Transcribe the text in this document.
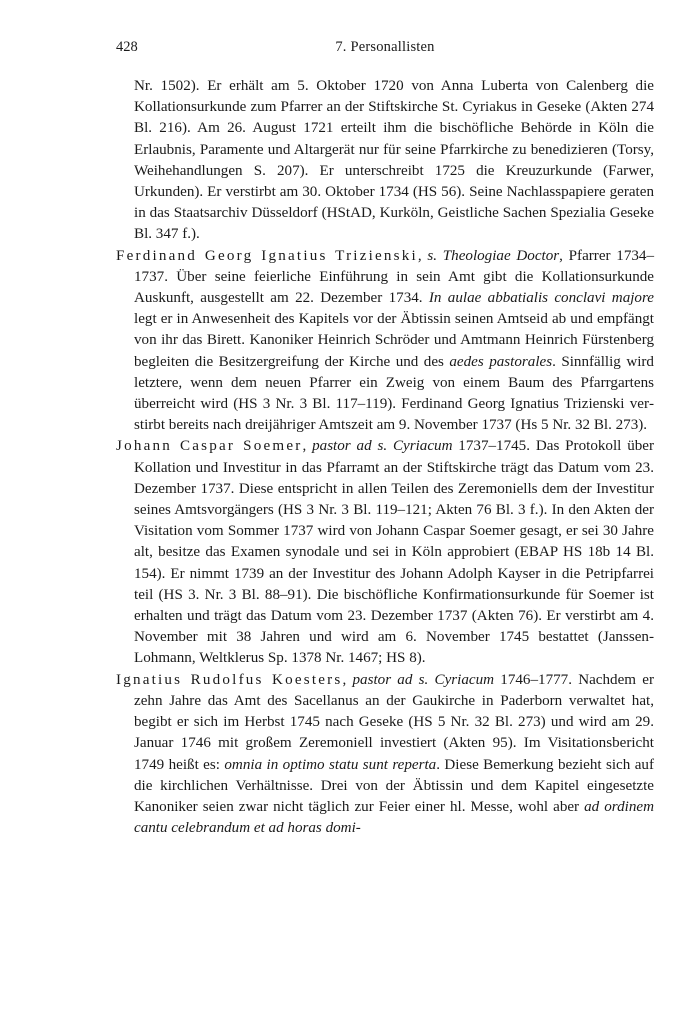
428	7. Personallisten

Nr. 1502). Er erhält am 5. Oktober 1720 von Anna Luberta von Calenberg die Kollationsurkunde zum Pfarrer an der Stiftskirche St. Cyriakus in Geseke (Akten 274 Bl. 216). Am 26. August 1721 erteilt ihm die bischöfliche Behörde in Köln die Erlaubnis, Paramente und Altargerät nur für seine Pfarrkirche zu benedizieren (Torsy, Weihehandlungen S. 207). Er unterschreibt 1725 die Kreuzurkunde (Farwer, Urkunden). Er verstirbt am 30. Oktober 1734 (HS 56). Seine Nachlasspapiere geraten in das Staatsarchiv Düsseldorf (HStAD, Kurköln, Geistliche Sachen Spezialia Geseke Bl. 347 f.).

Ferdinand Georg Ignatius Trizienski, s. Theologiae Doctor, Pfarrer 1734–1737. Über seine feierliche Einführung in sein Amt gibt die Kollationsurkunde Auskunft, ausgestellt am 22. Dezember 1734. In aulae abbatialis conclavi majore legt er in Anwesenheit des Kapitels vor der Äbtissin seinen Amtseid ab und empfängt von ihr das Birett. Kanoniker Heinrich Schröder und Amtmann Heinrich Fürstenberg begleiten die Besitzergreifung der Kirche und des aedes pastorales. Sinnfällig wird letztere, wenn dem neuen Pfarrer ein Zweig von einem Baum des Pfarrgartens überreicht wird (HS 3 Nr. 3 Bl. 117–119). Ferdinand Georg Ignatius Trizienski verstirbt bereits nach dreijähriger Amtszeit am 9. November 1737 (Hs 5 Nr. 32 Bl. 273).

Johann Caspar Soemer, pastor ad s. Cyriacum 1737–1745. Das Protokoll über Kollation und Investitur in das Pfarramt an der Stiftskirche trägt das Datum vom 23. Dezember 1737. Diese entspricht in allen Teilen des Zeremoniells dem der Investitur seines Amtsvorgängers (HS 3 Nr. 3 Bl. 119–121; Akten 76 Bl. 3 f.). In den Akten der Visitation vom Sommer 1737 wird von Johann Caspar Soemer gesagt, er sei 30 Jahre alt, besitze das Examen synodale und sei in Köln approbiert (EBAP HS 18b 14 Bl. 154). Er nimmt 1739 an der Investitur des Johann Adolph Kayser in die Petripfarrei teil (HS 3. Nr. 3 Bl. 88–91). Die bischöfliche Konfirmationsurkunde für Soemer ist erhalten und trägt das Datum vom 23. Dezember 1737 (Akten 76). Er verstirbt am 4. November mit 38 Jahren und wird am 6. November 1745 bestattet (Janssen-Lohmann, Weltklerus Sp. 1378 Nr. 1467; HS 8).

Ignatius Rudolfus Koesters, pastor ad s. Cyriacum 1746–1777. Nachdem er zehn Jahre das Amt des Sacellanus an der Gaukirche in Paderborn verwaltet hat, begibt er sich im Herbst 1745 nach Geseke (HS 5 Nr. 32 Bl. 273) und wird am 29. Januar 1746 mit großem Zeremoniell investiert (Akten 95). Im Visitationsbericht 1749 heißt es: omnia in optimo statu sunt reperta. Diese Bemerkung bezieht sich auf die kirchlichen Verhältnisse. Drei von der Äbtissin und dem Kapitel eingesetzte Kanoniker seien zwar nicht täglich zur Feier einer hl. Messe, wohl aber ad ordinem cantu celebrandum et ad horas domi-
